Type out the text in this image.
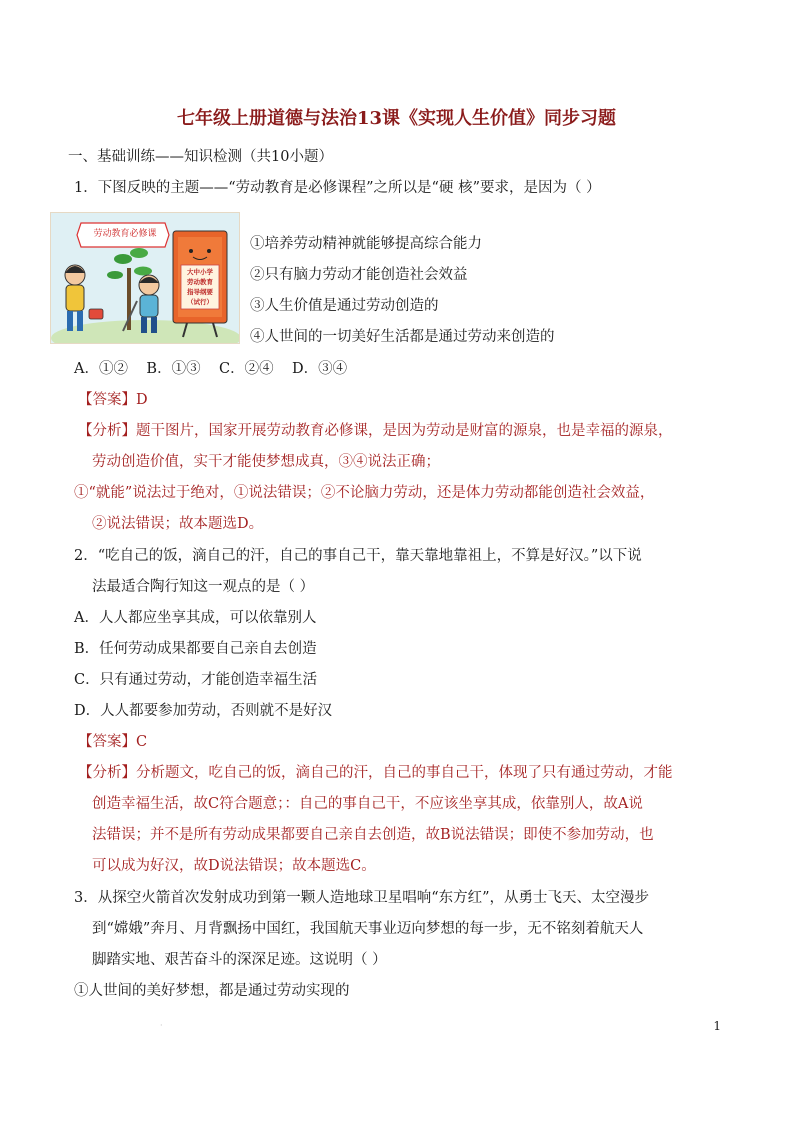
七年级上册道德与法治13课《实现人生价值》同步习题
一、基础训练——知识检测（共10小题）
1．下图反映的主题——“劳动教育是必修课程”之所以是“硬 核”要求，是因为（ ）
劳动教育必修课
大中小学
劳动教育
指导纲要
（试行）
①培养劳动精神就能够提高综合能力
②只有脑力劳动才能创造社会效益
③人生价值是通过劳动创造的
④人世间的一切美好生活都是通过劳动来创造的
A．①②    B．①③    C．②④    D．③④
【答案】D
【分析】题干图片，国家开展劳动教育必修课，是因为劳动是财富的源泉，也是幸福的源泉，
劳动创造价值，实干才能使梦想成真，③④说法正确；
①“就能”说法过于绝对，①说法错误；②不论脑力劳动，还是体力劳动都能创造社会效益，
②说法错误；故本题选D。
2．“吃自己的饭，滴自己的汗，自己的事自己干，靠天靠地靠祖上，不算是好汉。”以下说
法最适合陶行知这一观点的是（ ）
A．人人都应坐享其成，可以依靠别人
B．任何劳动成果都要自己亲自去创造
C．只有通过劳动，才能创造幸福生活
D．人人都要参加劳动，否则就不是好汉
【答案】C
【分析】分析题文，吃自己的饭，滴自己的汗，自己的事自己干，体现了只有通过劳动，才能
创造幸福生活，故C符合题意；：自己的事自己干，不应该坐享其成，依靠别人，故A说
法错误；并不是所有劳动成果都要自己亲自去创造，故B说法错误；即使不参加劳动，也
可以成为好汉，故D说法错误；故本题选C。
3．从探空火箭首次发射成功到第一颗人造地球卫星唱响“东方红”，从勇士飞天、太空漫步
到“嫦娥”奔月、月背飘扬中国红，我国航天事业迈向梦想的每一步，无不铭刻着航天人
脚踏实地、艰苦奋斗的深深足迹。这说明（ ）
①人世间的美好梦想，都是通过劳动实现的
·	1
